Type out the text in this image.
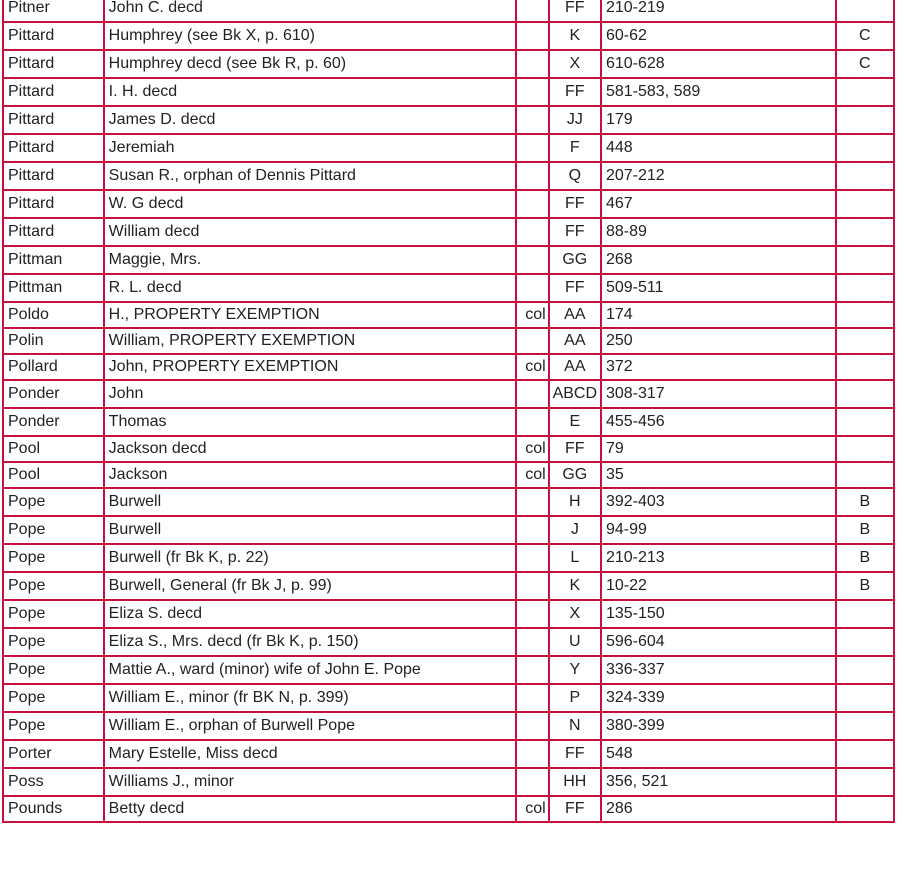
Pitner	John C. decd		FF	210-219	
Pittard	Humphrey (see Bk X, p. 610)		K	60-62	C
Pittard	Humphrey decd (see Bk R, p. 60)		X	610-628	C
Pittard	I. H. decd		FF	581-583, 589	
Pittard	James D. decd		JJ	179	
Pittard	Jeremiah		F	448	
Pittard	Susan R., orphan of Dennis Pittard		Q	207-212	
Pittard	W. G decd		FF	467	
Pittard	William decd		FF	88-89	
Pittman	Maggie, Mrs.		GG	268	
Pittman	R. L. decd		FF	509-511	
Poldo	H., PROPERTY EXEMPTION	col	AA	174	
Polin	William, PROPERTY EXEMPTION		AA	250	
Pollard	John, PROPERTY EXEMPTION	col	AA	372	
Ponder	John		ABCD	308-317	
Ponder	Thomas		E	455-456	
Pool	Jackson decd	col	FF	79	
Pool	Jackson	col	GG	35	
Pope	Burwell		H	392-403	B
Pope	Burwell		J	94-99	B
Pope	Burwell (fr Bk K, p. 22)		L	210-213	B
Pope	Burwell, General (fr Bk J, p. 99)		K	10-22	B
Pope	Eliza S. decd		X	135-150	
Pope	Eliza S., Mrs. decd (fr Bk K, p. 150)		U	596-604	
Pope	Mattie A., ward (minor) wife of John E. Pope		Y	336-337	
Pope	William E., minor (fr BK N, p. 399)		P	324-339	
Pope	William E., orphan of Burwell Pope		N	380-399	
Porter	Mary Estelle, Miss decd		FF	548	
Poss	Williams J., minor		HH	356, 521	
Pounds	Betty decd	col	FF	286	
